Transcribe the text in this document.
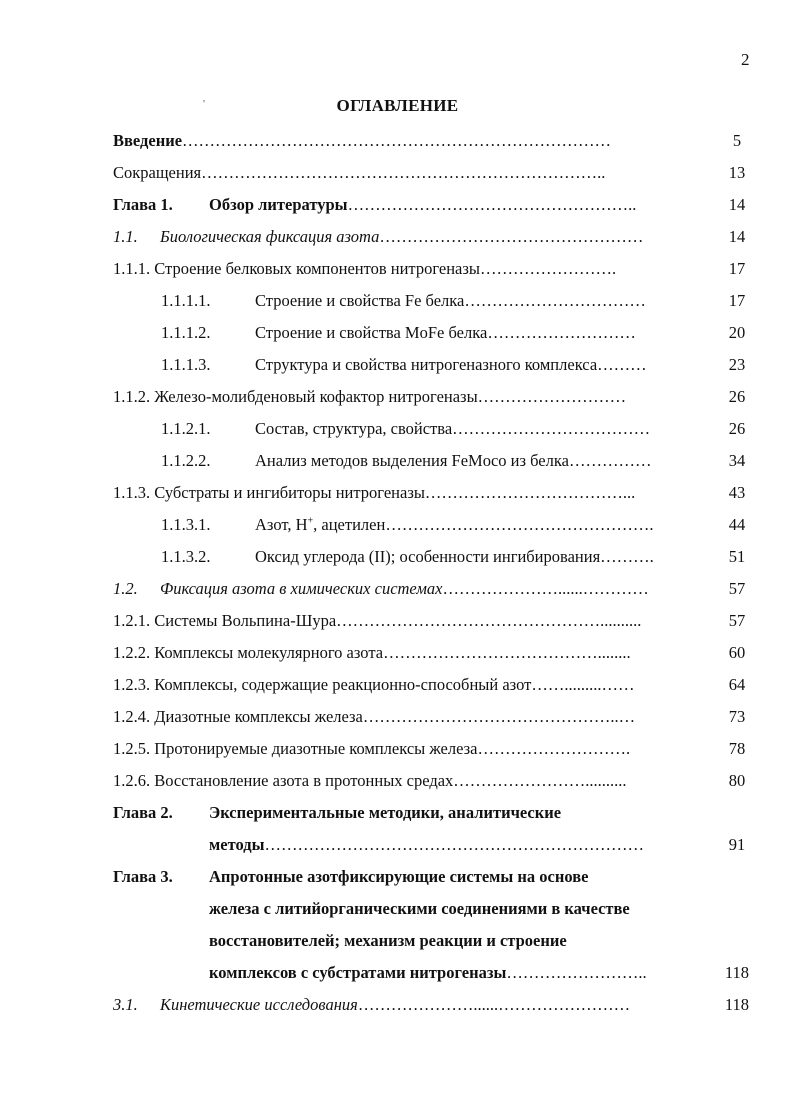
2
'	ОГЛАВЛЕНИЕ
Введение……………………………………………………………………	5
Сокращения………………………………………………………………..	13
Глава 1. Обзор литературы……………………………………………..	14
1.1. Биологическая фиксация азота…………………………………………	14
1.1.1. Строение белковых компонентов нитрогеназы…………………….	17
1.1.1.1.	Строение и свойства Fe белка……………………………	17
1.1.1.2.	Строение и свойства MoFe белка………………………	20
1.1.1.3.	Структура и свойства нитрогеназного комплекса………	23
1.1.2. Железо-молибденовый кофактор нитрогеназы………………………	26
1.1.2.1.	Состав, структура, свойства………………………………	26
1.1.2.2.	Анализ методов выделения FeMoco из белка……………	34
1.1.3. Субстраты и ингибиторы нитрогеназы………………………………...	43
1.1.3.1.	Азот, H+, ацетилен………………………………………….	44
1.1.3.2.	Оксид углерода (II); особенности ингибирования……….	51
1.2. Фиксация азота в химических системах…………………......…………	57
1.2.1. Системы Вольпина-Шура…………………………………………..........	57
1.2.2. Комплексы молекулярного азота…………………………………........	60
1.2.3. Комплексы, содержащие реакционно-способный азот…….........……	64
1.2.4. Диазотные комплексы железа………………………………………..…	73
1.2.5. Протонируемые диазотные комплексы железа……………………….	78
1.2.6. Восстановление азота в протонных средах……………………..........	80
Глава 2. Экспериментальные методики, аналитические
методы……………………………………………………………	91
Глава 3. Апротонные азотфиксирующие системы на основе
железа с литийорганическими соединениями в качестве
восстановителей; механизм реакции и строение
комплексов с субстратами нитрогеназы……………………..	118
3.1. Кинетические исследования…………………......……………………	118
